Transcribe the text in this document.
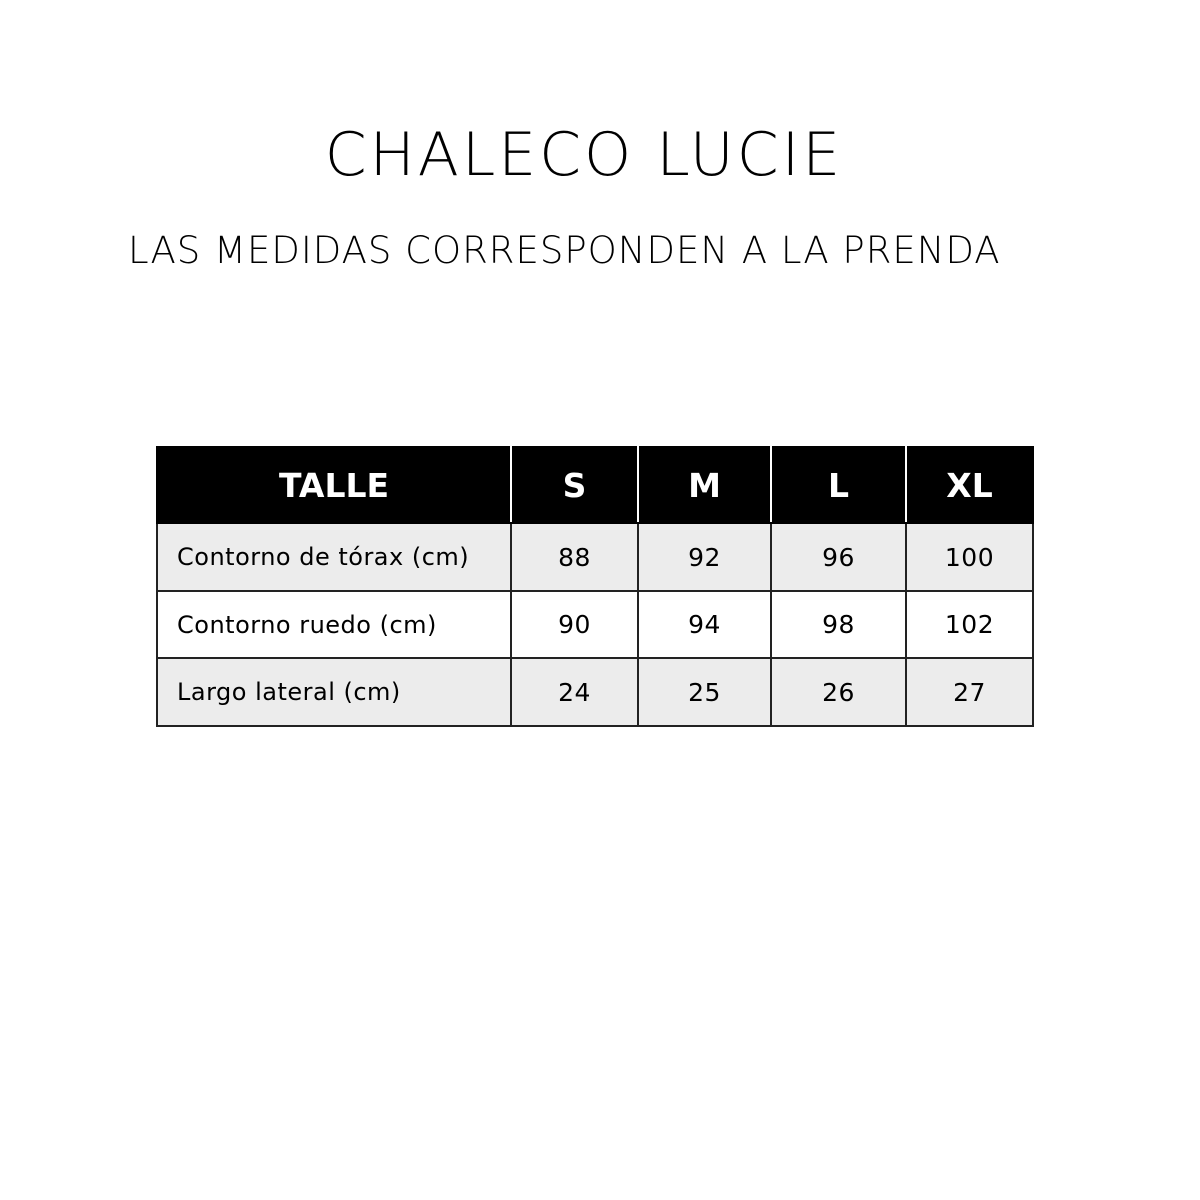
CHALECO LUCIE
LAS MEDIDAS CORRESPONDEN A LA PRENDA
TALLE	S	M	L	XL
Contorno de tórax (cm)	88	92	96	100
Contorno ruedo (cm)	90	94	98	102
Largo lateral (cm)	24	25	26	27
